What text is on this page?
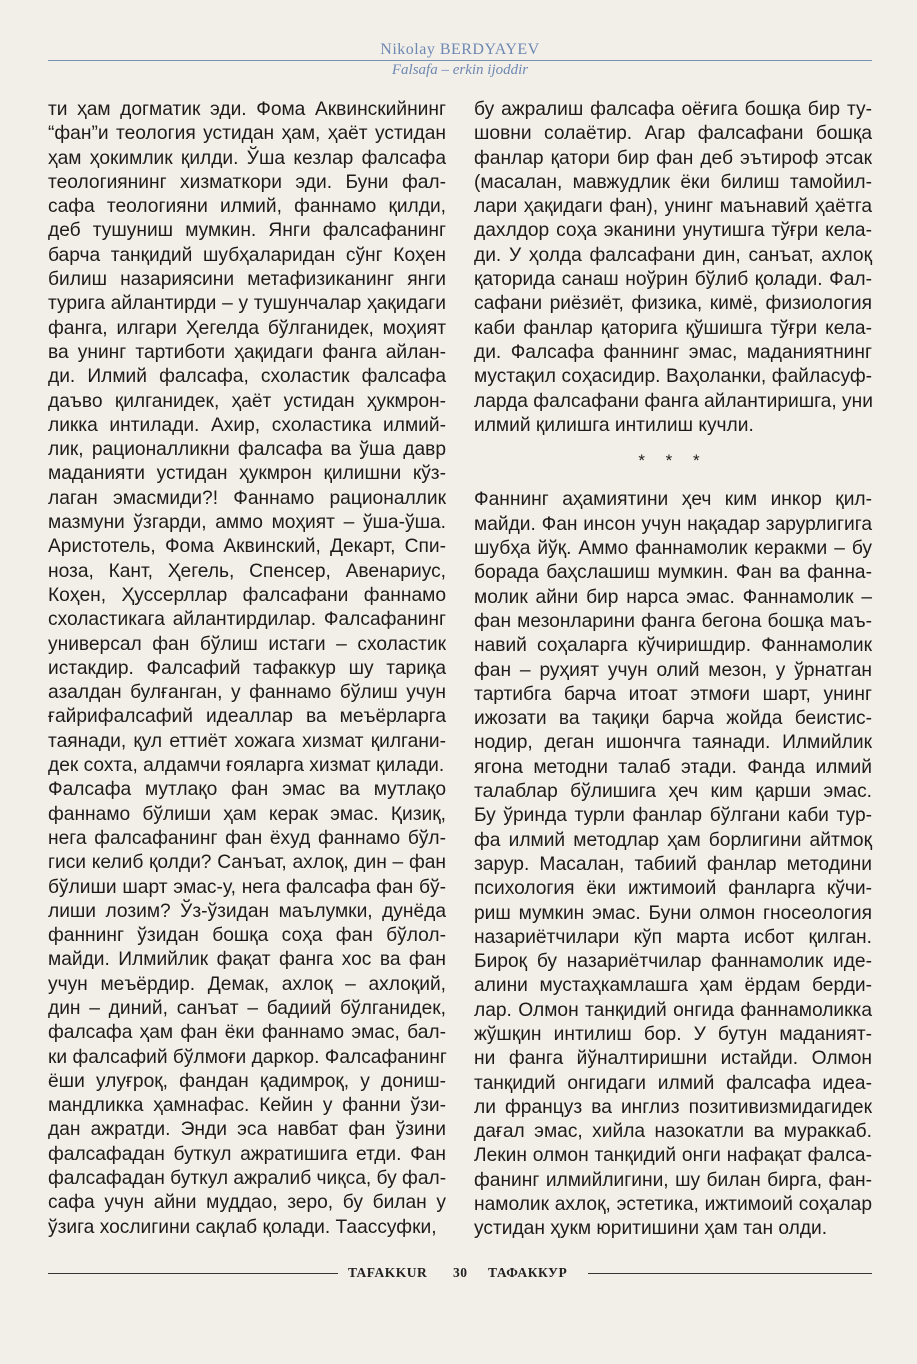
Nikolay BERDYAYEV
Falsafa – erkin ijoddir
ти ҳам догматик эди. Фома Аквинскийнинг
“фан”и теология устидан ҳам, ҳаёт устидан
ҳам ҳокимлик қилди. Ўша кезлар фалсафа
теологиянинг хизматкори эди. Буни фал-
сафа теологияни илмий, фаннамо қилди,
деб тушуниш мумкин. Янги фалсафанинг
барча танқидий шубҳаларидан сўнг Коҳен
билиш назариясини метафизиканинг янги
турига айлантирди – у тушунчалар ҳақидаги
фанга, илгари Ҳегелда бўлганидек, моҳият
ва унинг тартиботи ҳақидаги фанга айлан-
ди. Илмий фалсафа, схоластик фалсафа
даъво қилганидек, ҳаёт устидан ҳукмрон-
ликка интилади. Ахир, схоластика илмий-
лик, рационалликни фалсафа ва ўша давр
маданияти устидан ҳукмрон қилишни кўз-
лаган эмасмиди?! Фаннамо рационаллик
мазмуни ўзгарди, аммо моҳият – ўша-ўша.
Аристотель, Фома Аквинский, Декарт, Спи-
ноза, Кант, Ҳегель, Спенсер, Авенариус,
Коҳен, Ҳуссерллар фалсафани фаннамо
схоластикага айлантирдилар. Фалсафанинг
универсал фан бўлиш истаги – схоластик
истакдир. Фалсафий тафаккур шу тариқа
азалдан булғанган, у фаннамо бўлиш учун
ғайрифалсафий идеаллар ва меъёрларга
таянади, қул еттиёт хожага хизмат қилгани-
дек сохта, алдамчи ғояларга хизмат қилади.
Фалсафа мутлақо фан эмас ва мутлақо
фаннамо бўлиши ҳам керак эмас. Қизиқ,
нега фалсафанинг фан ёхуд фаннамо бўл-
гиси келиб қолди? Санъат, ахлоқ, дин – фан
бўлиши шарт эмас-у, нега фалсафа фан бў-
лиши лозим? Ўз-ўзидан маълумки, дунёда
фаннинг ўзидан бошқа соҳа фан бўлол-
майди. Илмийлик фақат фанга хос ва фан
учун меъёрдир. Демак, ахлоқ – ахлоқий,
дин – диний, санъат – бадиий бўлганидек,
фалсафа ҳам фан ёки фаннамо эмас, бал-
ки фалсафий бўлмоғи даркор. Фалсафанинг
ёши улуғроқ, фандан қадимроқ, у дониш-
мандликка ҳамнафас. Кейин у фанни ўзи-
дан ажратди. Энди эса навбат фан ўзини
фалсафадан буткул ажратишига етди. Фан
фалсафадан буткул ажралиб чиқса, бу фал-
сафа учун айни муддао, зеро, бу билан у
ўзига хослигини сақлаб қолади. Таассуфки,
бу ажралиш фалсафа оёғига бошқа бир ту-
шовни солаётир. Агар фалсафани бошқа
фанлар қатори бир фан деб эътироф этсак
(масалан, мавжудлик ёки билиш тамойил-
лари ҳақидаги фан), унинг маънавий ҳаётга
дахлдор соҳа эканини унутишга тўғри кела-
ди. У ҳолда фалсафани дин, санъат, ахлоқ
қаторида санаш ноўрин бўлиб қолади. Фал-
сафани риёзиёт, физика, кимё, физиология
каби фанлар қаторига қўшишга тўғри кела-
ди. Фалсафа фаннинг эмас, маданиятнинг
мустақил соҳасидир. Ваҳоланки, файласуф-
ларда фалсафани фанга айлантиришга, уни
илмий қилишга интилиш кучли.
* * *
Фаннинг аҳамиятини ҳеч ким инкор қил-
майди. Фан инсон учун нақадар зарурлигига
шубҳа йўқ. Аммо фаннамолик керакми – бу
борада баҳслашиш мумкин. Фан ва фанна-
молик айни бир нарса эмас. Фаннамолик –
фан мезонларини фанга бегона бошқа маъ-
навий соҳаларга кўчиришдир. Фаннамолик
фан – руҳият учун олий мезон, у ўрнатган
тартибга барча итоат этмоғи шарт, унинг
ижозати ва тақиқи барча жойда беистис-
нодир, деган ишончга таянади. Илмийлик
ягона методни талаб этади. Фанда илмий
талаблар бўлишига ҳеч ким қарши эмас.
Бу ўринда турли фанлар бўлгани каби тур-
фа илмий методлар ҳам борлигини айтмоқ
зарур. Масалан, табиий фанлар методини
психология ёки ижтимоий фанларга кўчи-
риш мумкин эмас. Буни олмон гносеология
назариётчилари кўп марта исбот қилган.
Бироқ бу назариётчилар фаннамолик иде-
алини мустаҳкамлашга ҳам ёрдам берди-
лар. Олмон танқидий онгида фаннамоликка
жўшқин интилиш бор. У бутун маданият-
ни фанга йўналтиришни истайди. Олмон
танқидий онгидаги илмий фалсафа идеа-
ли француз ва инглиз позитивизмидагидек
дағал эмас, хийла назокатли ва мураккаб.
Лекин олмон танқидий онги нафақат фалса-
фанинг илмийлигини, шу билан бирга, фан-
намолик ахлоқ, эстетика, ижтимоий соҳалар
устидан ҳукм юритишини ҳам тан олди.
TAFAKKUR 30 ТАФАККУР
